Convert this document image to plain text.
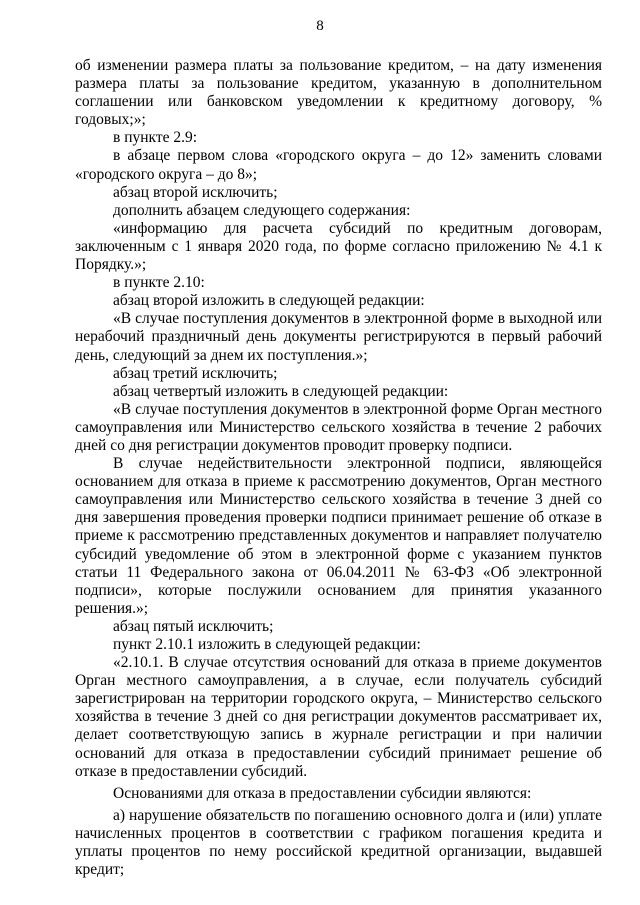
8

об изменении размера платы за пользование кредитом, – на дату изменения размера платы за пользование кредитом, указанную в дополнительном соглашении или банковском уведомлении к кредитному договору, % годовых;»;

в пункте 2.9:

в абзаце первом слова «городского округа – до 12» заменить словами «городского округа – до 8»;

абзац второй исключить;

дополнить абзацем следующего содержания:

«информацию для расчета субсидий по кредитным договорам, заключенным с 1 января 2020 года, по форме согласно приложению № 4.1 к Порядку.»;

в пункте 2.10:

абзац второй изложить в следующей редакции:

«В случае поступления документов в электронной форме в выходной или нерабочий праздничный день документы регистрируются в первый рабочий день, следующий за днем их поступления.»;

абзац третий исключить;

абзац четвертый изложить в следующей редакции:

«В случае поступления документов в электронной форме Орган местного самоуправления или Министерство сельского хозяйства в течение 2 рабочих дней со дня регистрации документов проводит проверку подписи.

В случае недействительности электронной подписи, являющейся основанием для отказа в приеме к рассмотрению документов, Орган местного самоуправления или Министерство сельского хозяйства в течение 3 дней со дня завершения проведения проверки подписи принимает решение об отказе в приеме к рассмотрению представленных документов и направляет получателю субсидий уведомление об этом в электронной форме с указанием пунктов статьи 11 Федерального закона от 06.04.2011 № 63-ФЗ «Об электронной подписи», которые послужили основанием для принятия указанного решения.»;

абзац пятый исключить;

пункт 2.10.1 изложить в следующей редакции:

«2.10.1. В случае отсутствия оснований для отказа в приеме документов Орган местного самоуправления, а в случае, если получатель субсидий зарегистрирован на территории городского округа, – Министерство сельского хозяйства в течение 3 дней со дня регистрации документов рассматривает их, делает соответствующую запись в журнале регистрации и при наличии оснований для отказа в предоставлении субсидий принимает решение об отказе в предоставлении субсидий.

Основаниями для отказа в предоставлении субсидии являются:

а) нарушение обязательств по погашению основного долга и (или) уплате начисленных процентов в соответствии с графиком погашения кредита и уплаты процентов по нему российской кредитной организации, выдавшей кредит;
